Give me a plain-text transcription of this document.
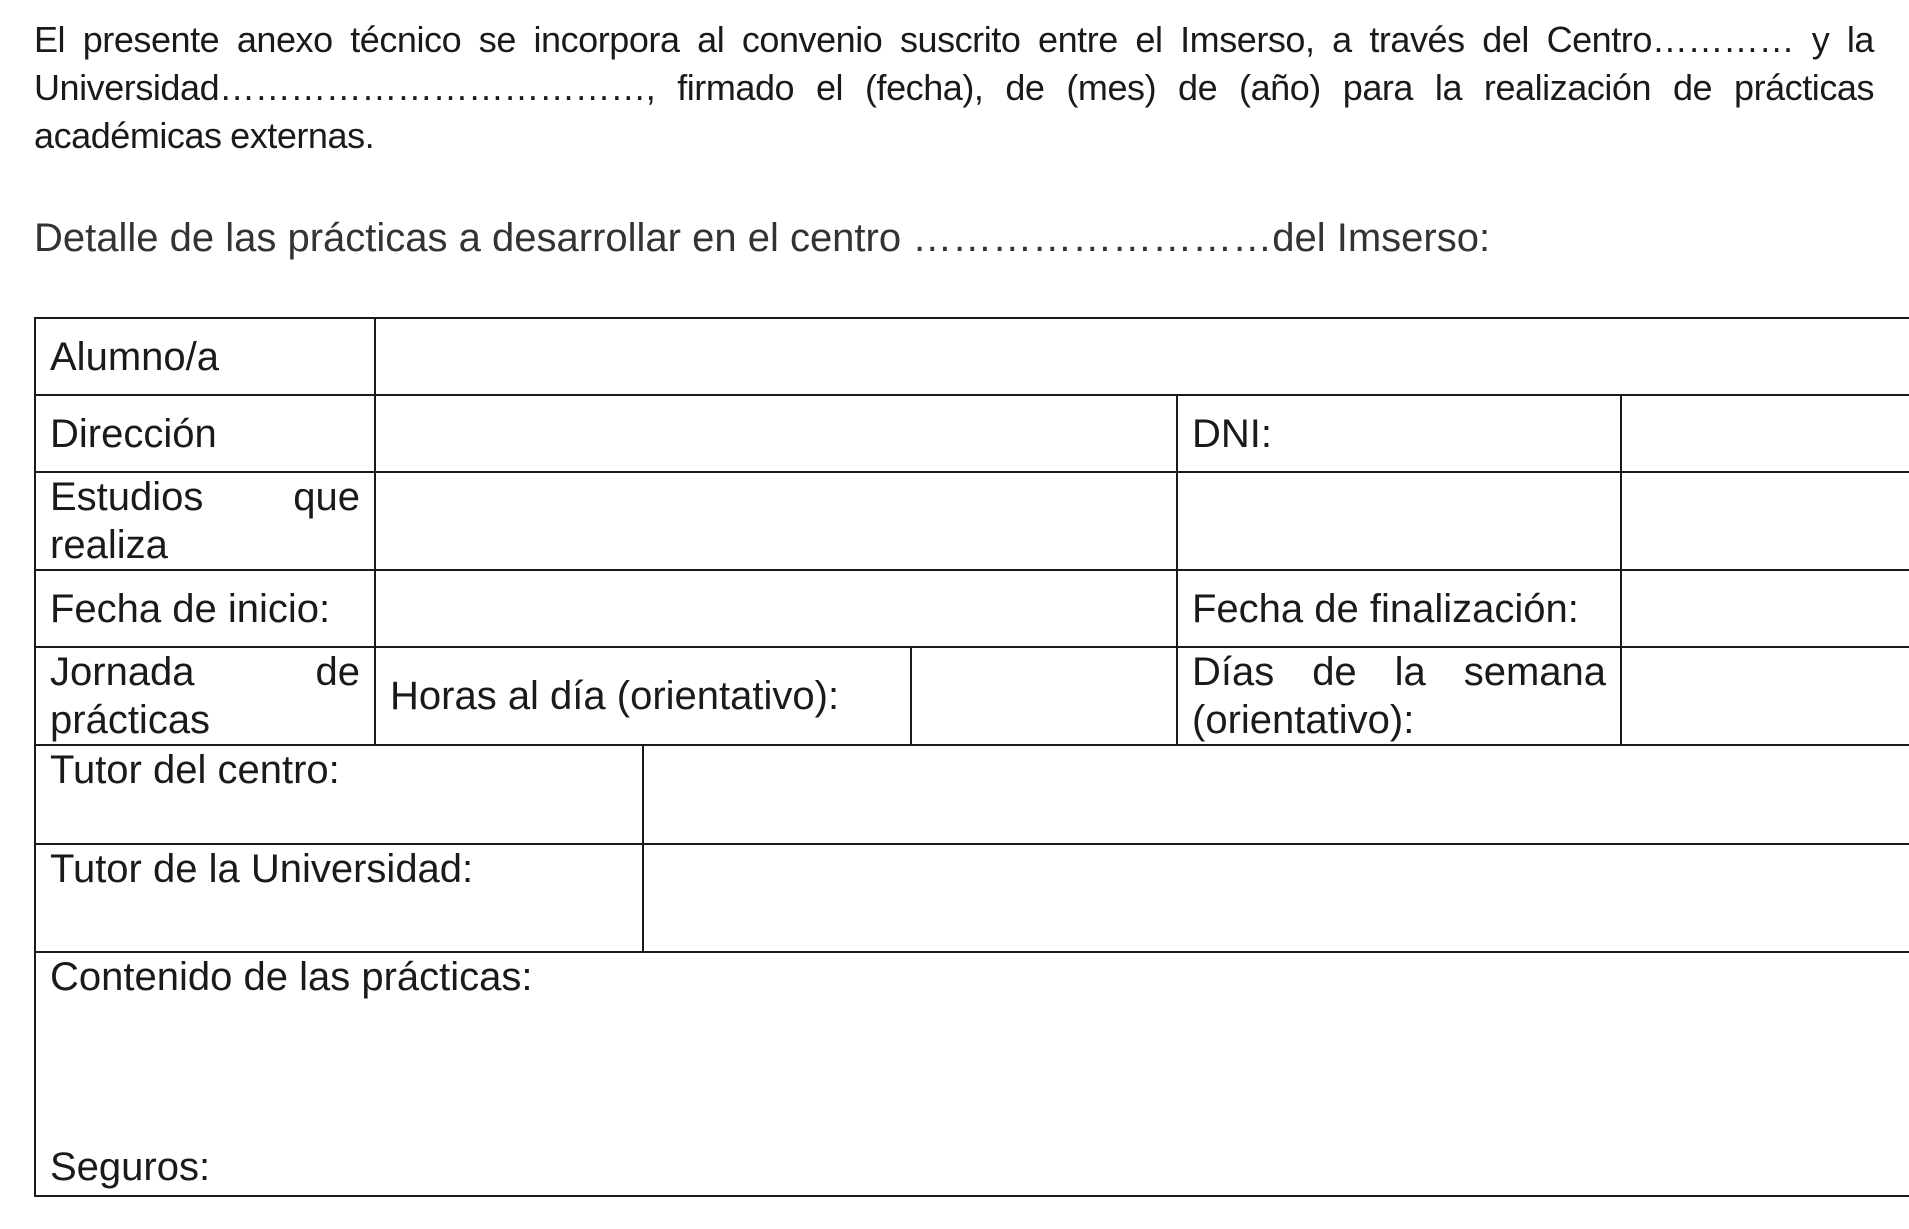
El presente anexo técnico se incorpora al convenio suscrito entre el Imserso, a través del Centro………… y la Universidad………………………………, firmado el (fecha), de (mes) de (año) para la realización de prácticas académicas externas.

Detalle de las prácticas a desarrollar en el centro ………………………del Imserso:

Alumno/a					
Dirección				DNI:	
Estudios que realiza					
Fecha de inicio:				Fecha de finalización:	
Jornada de prácticas	Horas al día (orientativo):			Días de la semana (orientativo):	
Tutor del centro:					
Tutor de la Universidad:					

Contenido de las prácticas:
Seguros:					
